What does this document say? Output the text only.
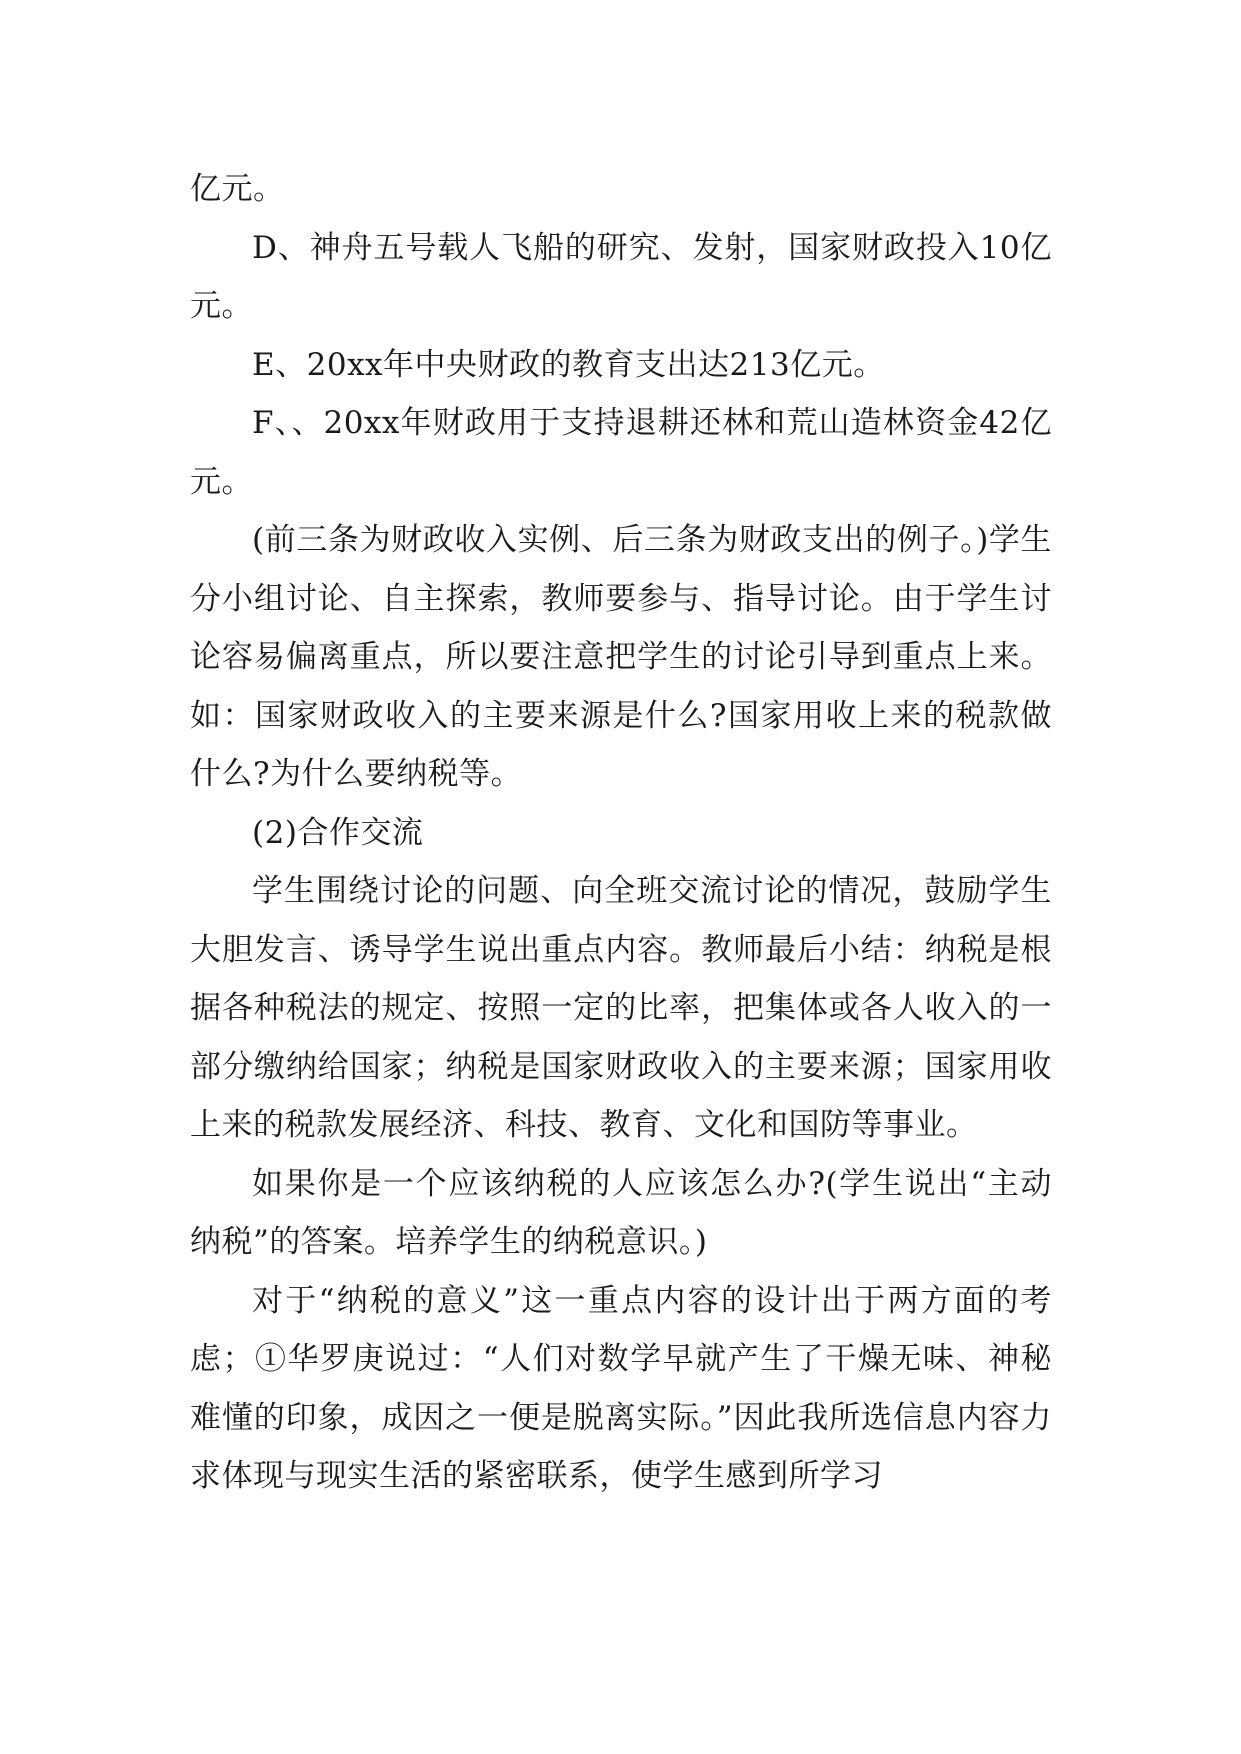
亿元。

D、神舟五号载人飞船的研究、发射，国家财政投入10亿元。

E、20xx年中央财政的教育支出达213亿元。

F、、20xx年财政用于支持退耕还林和荒山造林资金42亿元。

(前三条为财政收入实例、后三条为财政支出的例子。)学生分小组讨论、自主探索，教师要参与、指导讨论。由于学生讨论容易偏离重点，所以要注意把学生的讨论引导到重点上来。如：国家财政收入的主要来源是什么?国家用收上来的税款做什么?为什么要纳税等。

(2)合作交流

学生围绕讨论的问题、向全班交流讨论的情况，鼓励学生大胆发言、诱导学生说出重点内容。教师最后小结：纳税是根据各种税法的规定、按照一定的比率，把集体或各人收入的一部分缴纳给国家；纳税是国家财政收入的主要来源；国家用收上来的税款发展经济、科技、教育、文化和国防等事业。

如果你是一个应该纳税的人应该怎么办?(学生说出“主动纳税”的答案。培养学生的纳税意识。)

对于“纳税的意义”这一重点内容的设计出于两方面的考虑；①华罗庚说过：“人们对数学早就产生了干燥无味、神秘难懂的印象，成因之一便是脱离实际。”因此我所选信息内容力求体现与现实生活的紧密联系，使学生感到所学习
